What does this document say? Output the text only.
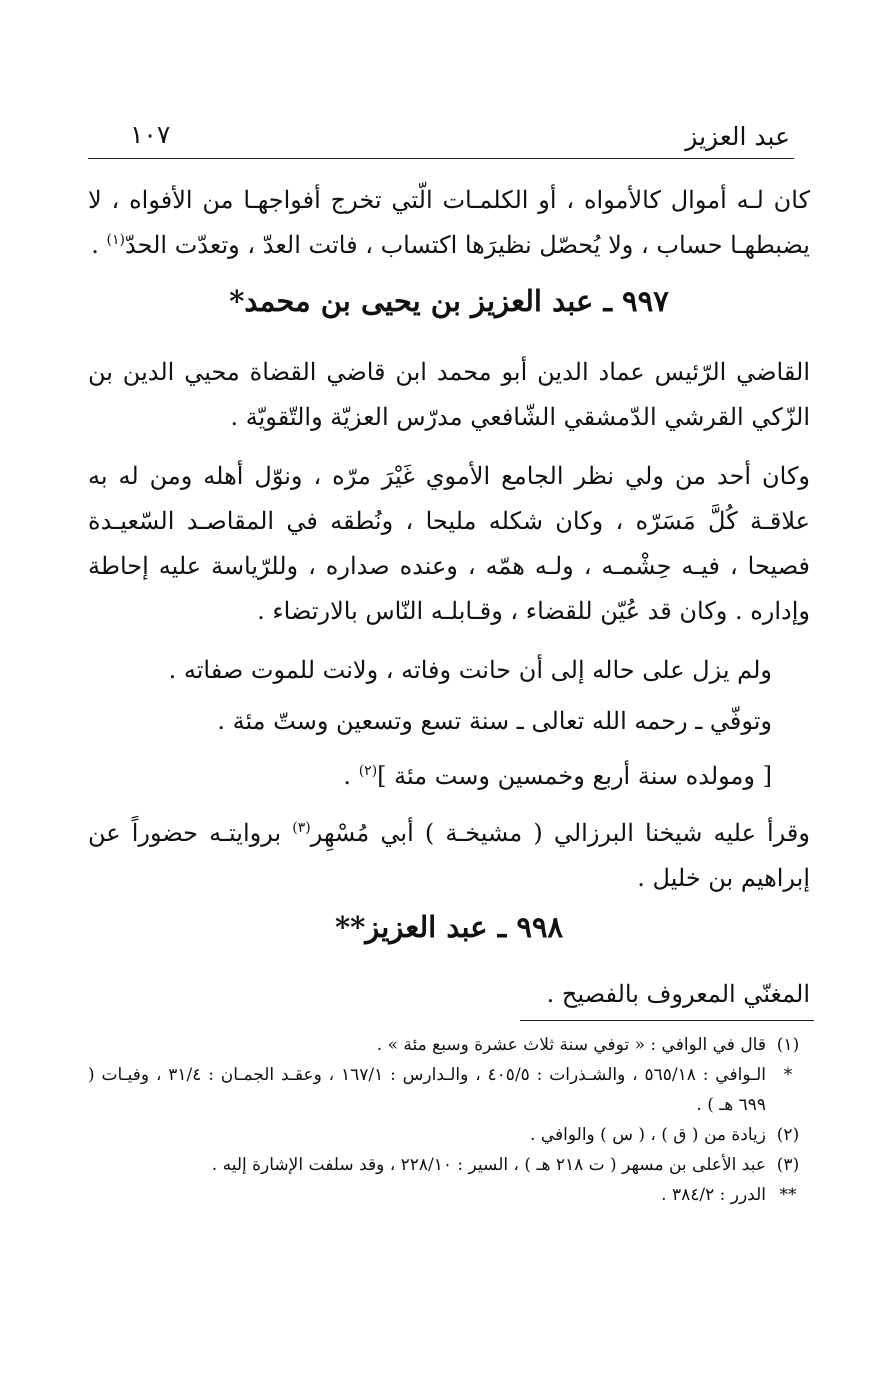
عبد العزيز
١٠٧

كان لـه أموال كالأمواه ، أو الكلمـات الّتي تخرج أفواجهـا من الأفواه ، لا يضبطهـا حساب ، ولا يُحصّل نظيرَها اكتساب ، فاتت العدّ ، وتعدّت الحدّ$^{(١)}$ .

٩٩٧ ـ عبد العزيز بن يحيى بن محمد*

القاضي الرّئيس عماد الدين أبو محمد ابن قاضي القضاة محيي الدين بن الزّكي القرشي الدّمشقي الشّافعي مدرّس العزيّة والتّقويّة .

وكان أحد من ولي نظر الجامع الأموي غَيْرَ مرّه ، ونوّل أهله ومن له به علاقـة كُلَّ مَسَرّه ، وكان شكله مليحا ، ونُطقه في المقاصـد السّعيـدة فصيحا ، فيـه حِشْمـه ، ولـه همّه ، وعنده صداره ، وللرّياسة عليه إحاطة وإداره . وكان قد عُيّن للقضاء ، وقـابلـه النّاس بالارتضاء .

ولم يزل على حاله إلى أن حانت وفاته ، ولانت للموت صفاته .

وتوفّي ـ رحمه الله تعالى ـ سنة تسع وتسعين وستّ مئة .

[ ومولده سنة أربع وخمسين وست مئة ]$^{(٢)}$ .

وقرأ عليه شيخنا البرزالي ( مشيخـة ) أبي مُسْهِر$^{(٣)}$ بروايتـه حضوراً عن إبراهيم بن خليل .

٩٩٨ ـ عبد العزيز**

المغنّي المعروف بالفصيح .

(١)
قال في الوافي : « توفي سنة ثلاث عشرة وسبع مئة » .
*
الـوافي : ٥٦٥/١٨ ، والشـذرات : ٤٠٥/٥ ، والـدارس : ١٦٧/١ ، وعقـد الجمـان : ٣١/٤ ، وفيـات ( ٦٩٩ هـ ) .
(٢)
زيادة من ( ق ) ، ( س ) والوافي .
(٣)
عبد الأعلى بن مسهر ( ت ٢١٨ هـ ) ، السير : ٢٢٨/١٠ ، وقد سلفت الإشارة إليه .
**
الدرر : ٣٨٤/٢ .
